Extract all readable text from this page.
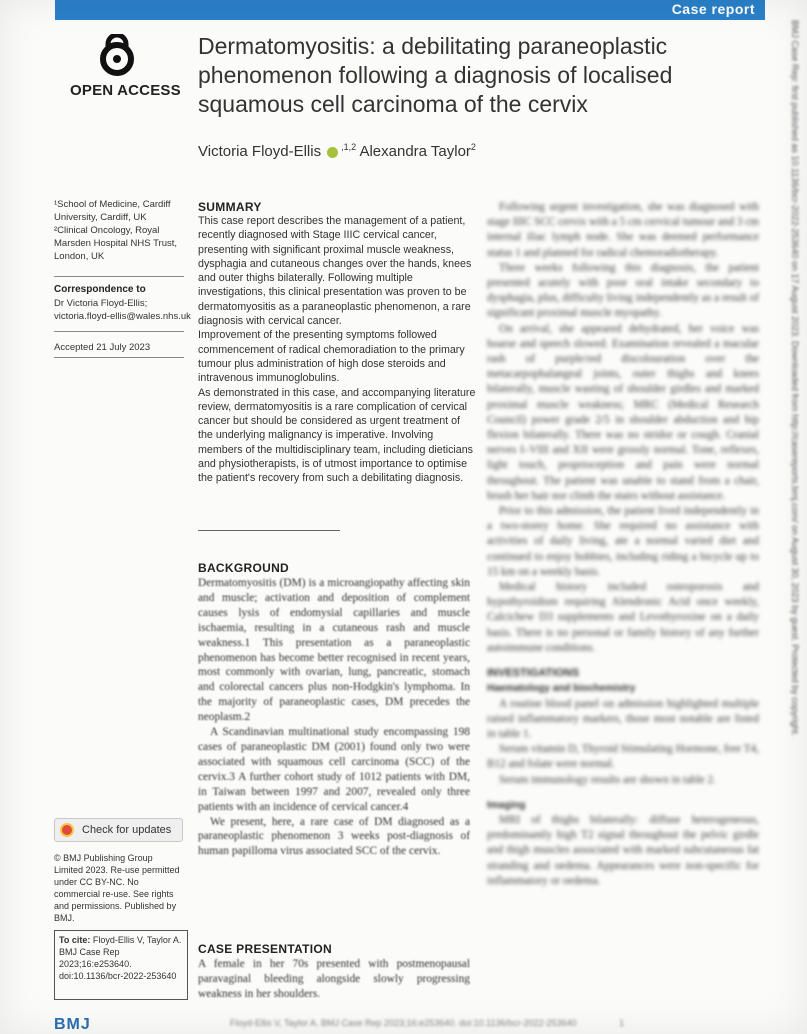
Case report
OPEN ACCESS
Dermatomyositis: a debilitating paraneoplastic phenomenon following a diagnosis of localised squamous cell carcinoma of the cervix
Victoria Floyd-Ellis $^{,1,2}$ Alexandra Taylor$^2$

¹School of Medicine, Cardiff University, Cardiff, UK

²Clinical Oncology, Royal Marsden Hospital NHS Trust, London, UK

Correspondence to
Dr Victoria Floyd-Ellis;
victoria.floyd-ellis@wales.nhs.uk
Accepted 21 July 2023
Check for updates
© BMJ Publishing Group Limited 2023. Re-use permitted under CC BY-NC. No commercial re-use. See rights and permissions. Published by BMJ.
To cite: Floyd-Ellis V, Taylor A. BMJ Case Rep 2023;16:e253640. doi:10.1136/bcr-2022-253640
BMJ	Floyd-Ellis V, Taylor A. BMJ Case Rep 2023;16:e253640. doi:10.1136/bcr-2022-253640	1
SUMMARY

This case report describes the management of a patient, recently diagnosed with Stage IIIC cervical cancer, presenting with significant proximal muscle weakness, dysphagia and cutaneous changes over the hands, knees and outer thighs bilaterally. Following multiple investigations, this clinical presentation was proven to be dermatomyositis as a paraneoplastic phenomenon, a rare diagnosis with cervical cancer.

Improvement of the presenting symptoms followed commencement of radical chemoradiation to the primary tumour plus administration of high dose steroids and intravenous immunoglobulins.

As demonstrated in this case, and accompanying literature review, dermatomyositis is a rare complication of cervical cancer but should be considered as urgent treatment of the underlying malignancy is imperative. Involving members of the multidisciplinary team, including dieticians and physiotherapists, is of utmost importance to optimise the patient's recovery from such a debilitating diagnosis.

BACKGROUND

Dermatomyositis (DM) is a microangiopathy affecting skin and muscle; activation and deposition of complement causes lysis of endomysial capillaries and muscle ischaemia, resulting in a cutaneous rash and muscle weakness.1 This presentation as a paraneoplastic phenomenon has become better recognised in recent years, most commonly with ovarian, lung, pancreatic, stomach and colorectal cancers plus non-Hodgkin's lymphoma. In the majority of paraneoplastic cases, DM precedes the neoplasm.2

A Scandinavian multinational study encompassing 198 cases of paraneoplastic DM (2001) found only two were associated with squamous cell carcinoma (SCC) of the cervix.3 A further cohort study of 1012 patients with DM, in Taiwan between 1997 and 2007, revealed only three patients with an incidence of cervical cancer.4

We present, here, a rare case of DM diagnosed as a paraneoplastic phenomenon 3 weeks post-diagnosis of human papilloma virus associated SCC of the cervix.

CASE PRESENTATION

A female in her 70s presented with postmenopausal paravaginal bleeding alongside slowly progressing weakness in her shoulders.

Following urgent investigation, she was diagnosed with stage IIIC SCC cervix with a 5 cm cervical tumour and 3 cm internal iliac lymph node. She was deemed performance status 1 and planned for radical chemoradiotherapy.

Three weeks following this diagnosis, the patient presented acutely with poor oral intake secondary to dysphagia, plus, difficulty living independently as a result of significant proximal muscle myopathy.

On arrival, she appeared dehydrated, her voice was hoarse and speech slowed. Examination revealed a macular rash of purple/red discolouration over the metacarpophalangeal joints, outer thighs and knees bilaterally, muscle wasting of shoulder girdles and marked proximal muscle weakness; MRC (Medical Research Council) power grade 2/5 in shoulder abduction and hip flexion bilaterally. There was no stridor or cough. Cranial nerves I–VIII and XII were grossly normal. Tone, reflexes, light touch, proprioception and pain were normal throughout. The patient was unable to stand from a chair, brush her hair nor climb the stairs without assistance.

Prior to this admission, the patient lived independently in a two-storey home. She required no assistance with activities of daily living, ate a normal varied diet and continued to enjoy hobbies, including riding a bicycle up to 15 km on a weekly basis.

Medical history included osteoporosis and hypothyroidism requiring Alendronic Acid once weekly, Calcichew D3 supplements and Levothyroxine on a daily basis. There is no personal or family history of any further autoimmune conditions.

INVESTIGATIONS

Haematology and biochemistry

A routine blood panel on admission highlighted multiple raised inflammatory markers, those most notable are listed in table 1.

Serum vitamin D, Thyroid Stimulating Hormone, free T4, B12 and folate were normal.

Serum immunology results are shown in table 2.

Imaging

MRI of thighs bilaterally: diffuse heterogeneous, predominantly high T2 signal throughout the pelvic girdle and thigh muscles associated with marked subcutaneous fat stranding and oedema. Appearances were non-specific for inflammatory or oedema.

BMJ Case Rep: first published as 10.1136/bcr-2022-253640 on 17 August 2023. Downloaded from http://casereports.bmj.com/ on August 30, 2023 by guest. Protected by copyright.
